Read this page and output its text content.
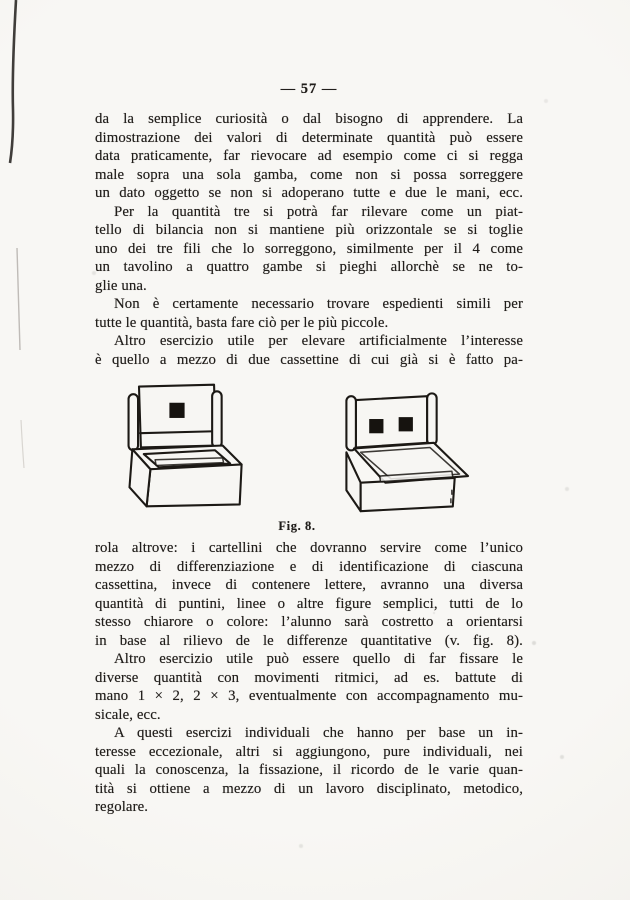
— 57 —
da la semplice curiosità o dal bisogno di apprendere. La
dimostrazione dei valori di determinate quantità può essere
data praticamente, far rievocare ad esempio come ci si regga
male sopra una sola gamba, come non si possa sorreggere
un dato oggetto se non si adoperano tutte e due le mani, ecc.
Per la quantità tre si potrà far rilevare come un piat-
tello di bilancia non si mantiene più orizzontale se si toglie
uno dei tre fili che lo sorreggono, similmente per il 4 come
un tavolino a quattro gambe si pieghi allorchè se ne to-
glie una.
Non è certamente necessario trovare espedienti simili per
tutte le quantità, basta fare ciò per le più piccole.
Altro esercizio utile per elevare artificialmente l’interesse
è quello a mezzo di due cassettine di cui già si è fatto pa-
Fig. 8.
rola altrove: i cartellini che dovranno servire come l’unico
mezzo di differenziazione e di identificazione di ciascuna
cassettina, invece di contenere lettere, avranno una diversa
quantità di puntini, linee o altre figure semplici, tutti de lo
stesso chiarore o colore: l’alunno sarà costretto a orientarsi
in base al rilievo de le differenze quantitative (v. fig. 8).
Altro esercizio utile può essere quello di far fissare le
diverse quantità con movimenti ritmici, ad es. battute di
mano 1 × 2, 2 × 3, eventualmente con accompagnamento mu-
sicale, ecc.
A questi esercizi individuali che hanno per base un in-
teresse eccezionale, altri si aggiungono, pure individuali, nei
quali la conoscenza, la fissazione, il ricordo de le varie quan-
tità si ottiene a mezzo di un lavoro disciplinato, metodico,
regolare.
